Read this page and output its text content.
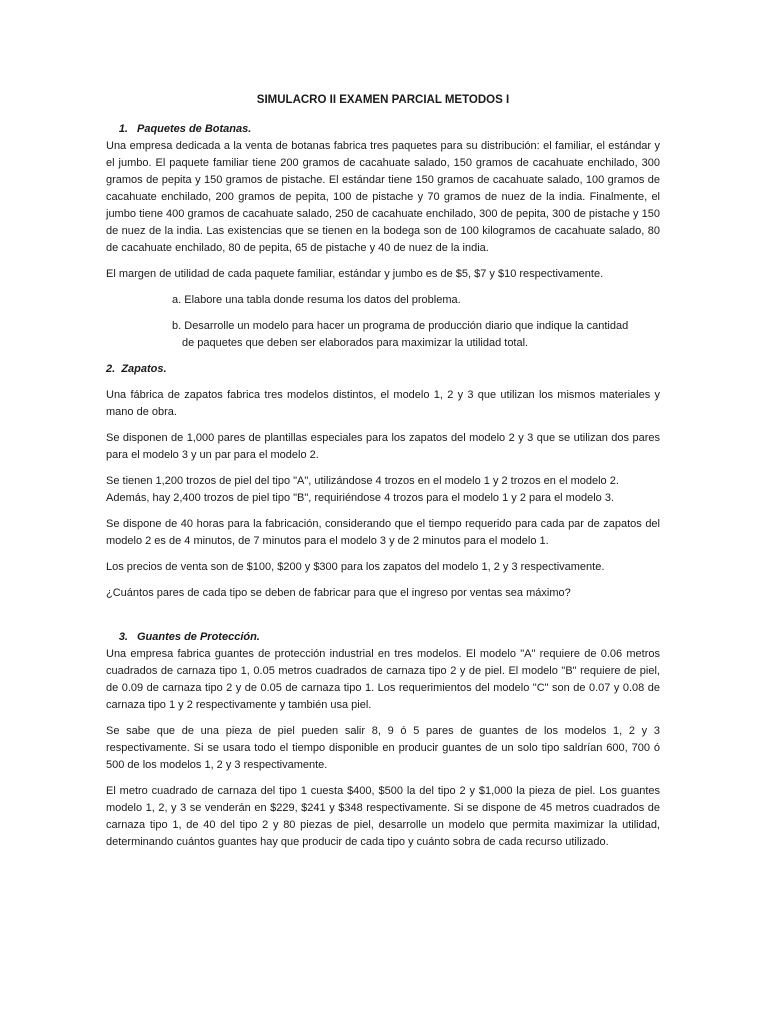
SIMULACRO II EXAMEN PARCIAL METODOS I
1. Paquetes de Botanas.

Una empresa dedicada a la venta de botanas fabrica tres paquetes para su distribución: el familiar, el estándar y el jumbo. El paquete familiar tiene 200 gramos de cacahuate salado, 150 gramos de cacahuate enchilado, 300 gramos de pepita y 150 gramos de pistache. El estándar tiene 150 gramos de cacahuate salado, 100 gramos de cacahuate enchilado, 200 gramos de pepita, 100 de pistache y 70 gramos de nuez de la india. Finalmente, el jumbo tiene 400 gramos de cacahuate salado, 250 de cacahuate enchilado, 300 de pepita, 300 de pistache y 150 de nuez de la india. Las existencias que se tienen en la bodega son de 100 kilogramos de cacahuate salado, 80 de cacahuate enchilado, 80 de pepita, 65 de pistache y 40 de nuez de la india.

El margen de utilidad de cada paquete familiar, estándar y jumbo es de $5, $7 y $10 respectivamente.

a. Elabore una tabla donde resuma los datos del problema.
b. Desarrolle un modelo para hacer un programa de producción diario que indique la cantidad
de paquetes que deben ser elaborados para maximizar la utilidad total.
2. Zapatos.

Una fábrica de zapatos fabrica tres modelos distintos, el modelo 1, 2 y 3 que utilizan los mismos materiales y mano de obra.

Se disponen de 1,000 pares de plantillas especiales para los zapatos del modelo 2 y 3 que se utilizan dos pares para el modelo 3 y un par para el modelo 2.

Se tienen 1,200 trozos de piel del tipo "A", utilizándose 4 trozos en el modelo 1 y 2 trozos en el modelo 2.
Además, hay 2,400 trozos de piel tipo "B", requiriéndose 4 trozos para el modelo 1 y 2 para el modelo 3.

Se dispone de 40 horas para la fabricación, considerando que el tiempo requerido para cada par de zapatos del modelo 2 es de 4 minutos, de 7 minutos para el modelo 3 y de 2 minutos para el modelo 1.

Los precios de venta son de $100, $200 y $300 para los zapatos del modelo 1, 2 y 3 respectivamente.

¿Cuántos pares de cada tipo se deben de fabricar para que el ingreso por ventas sea máximo?

3. Guantes de Protección.

Una empresa fabrica guantes de protección industrial en tres modelos. El modelo "A" requiere de 0.06 metros cuadrados de carnaza tipo 1, 0.05 metros cuadrados de carnaza tipo 2 y de piel. El modelo "B" requiere de piel, de 0.09 de carnaza tipo 2 y de 0.05 de carnaza tipo 1. Los requerimientos del modelo "C" son de 0.07 y 0.08 de carnaza tipo 1 y 2 respectivamente y también usa piel.

Se sabe que de una pieza de piel pueden salir 8, 9 ó 5 pares de guantes de los modelos 1, 2 y 3 respectivamente. Si se usara todo el tiempo disponible en producir guantes de un solo tipo saldrían 600, 700 ó 500 de los modelos 1, 2 y 3 respectivamente.

El metro cuadrado de carnaza del tipo 1 cuesta $400, $500 la del tipo 2 y $1,000 la pieza de piel. Los guantes modelo 1, 2, y 3 se venderán en $229, $241 y $348 respectivamente. Si se dispone de 45 metros cuadrados de carnaza tipo 1, de 40 del tipo 2 y 80 piezas de piel, desarrolle un modelo que permita maximizar la utilidad, determinando cuántos guantes hay que producir de cada tipo y cuánto sobra de cada recurso utilizado.
